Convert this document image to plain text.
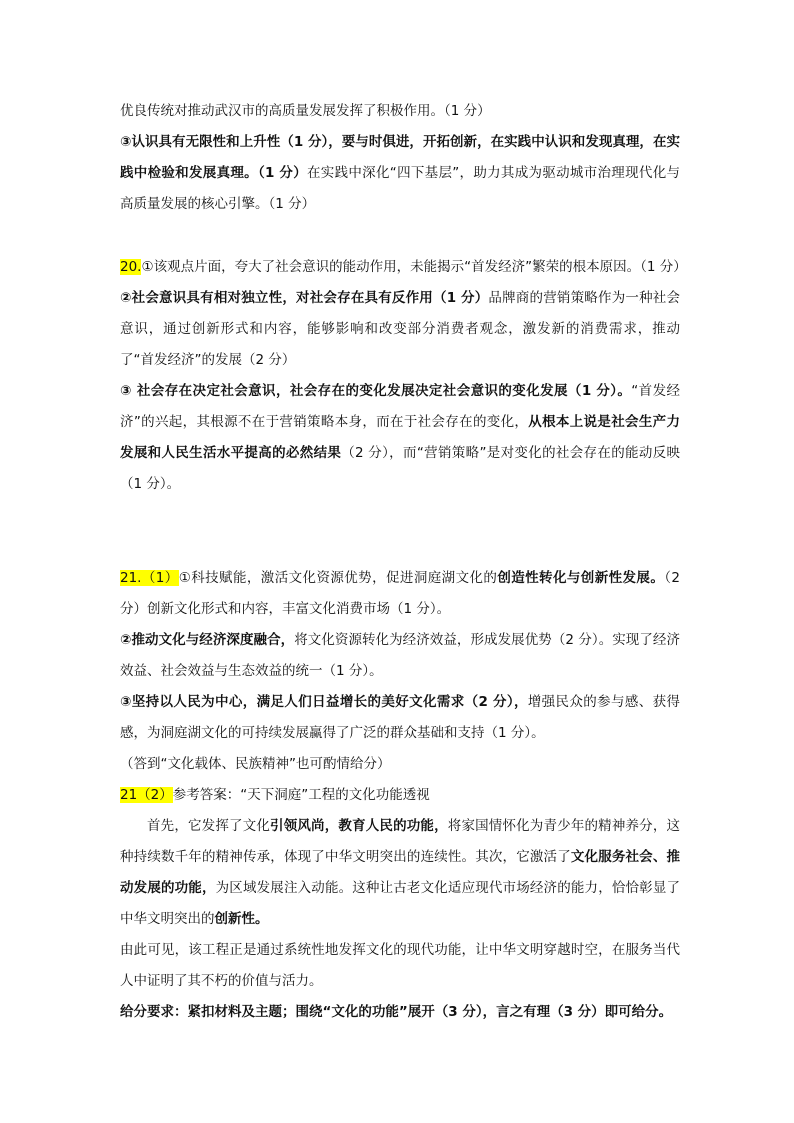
优良传统对推动武汉市的高质量发展发挥了积极作用。（1 分）

③认识具有无限性和上升性（1 分），要与时俱进，开拓创新，在实践中认识和发现真理，在实践中检验和发展真理。（1 分）在实践中深化“四下基层”，助力其成为驱动城市治理现代化与高质量发展的核心引擎。（1 分）

20.①该观点片面，夸大了社会意识的能动作用，未能揭示“首发经济”繁荣的根本原因。（1 分）

②社会意识具有相对独立性，对社会存在具有反作用（1 分）品牌商的营销策略作为一种社会意识，通过创新形式和内容，能够影响和改变部分消费者观念，激发新的消费需求，推动了“首发经济”的发展（2 分）

③ 社会存在决定社会意识，社会存在的变化发展决定社会意识的变化发展（1 分）。“首发经济”的兴起，其根源不在于营销策略本身，而在于社会存在的变化，从根本上说是社会生产力发展和人民生活水平提高的必然结果（2 分），而“营销策略”是对变化的社会存在的能动反映（1 分）。

21.（1）①科技赋能，激活文化资源优势，促进洞庭湖文化的创造性转化与创新性发展。（2 分）创新文化形式和内容，丰富文化消费市场（1 分）。

②推动文化与经济深度融合，将文化资源转化为经济效益，形成发展优势（2 分）。实现了经济效益、社会效益与生态效益的统一（1 分）。

③坚持以人民为中心，满足人们日益增长的美好文化需求（2 分），增强民众的参与感、获得感，为洞庭湖文化的可持续发展赢得了广泛的群众基础和支持（1 分）。

（答到“文化载体、民族精神”也可酌情给分）

21（2）参考答案：“天下洞庭”工程的文化功能透视

首先，它发挥了文化引领风尚，教育人民的功能，将家国情怀化为青少年的精神养分，这种持续数千年的精神传承，体现了中华文明突出的连续性。其次，它激活了文化服务社会、推动发展的功能，为区域发展注入动能。这种让古老文化适应现代市场经济的能力，恰恰彰显了中华文明突出的创新性。

由此可见，该工程正是通过系统性地发挥文化的现代功能，让中华文明穿越时空，在服务当代人中证明了其不朽的价值与活力。

给分要求：紧扣材料及主题；围绕“文化的功能”展开（3 分），言之有理（3 分）即可给分。
